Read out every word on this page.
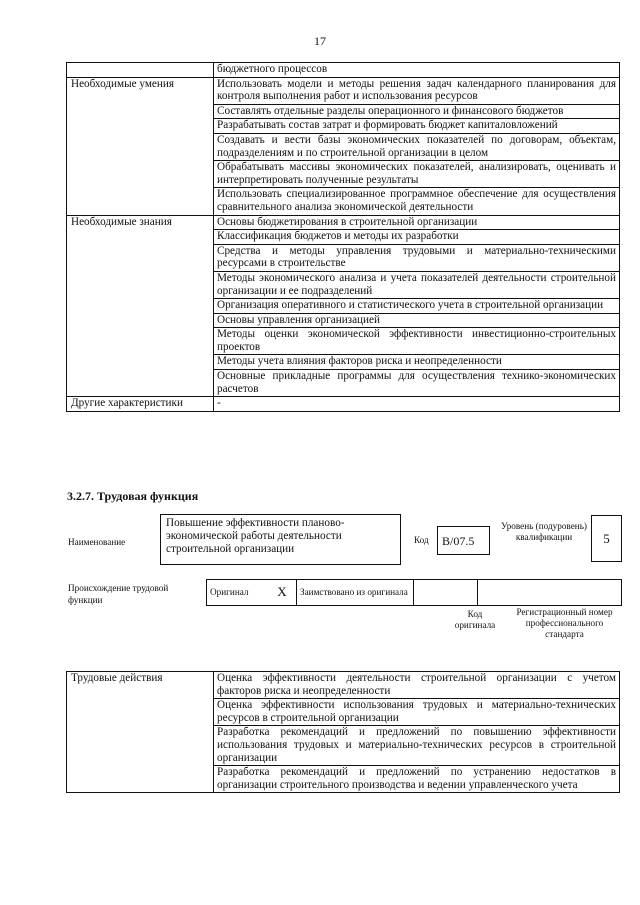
17
	бюджетного процессов
Необходимые умения	Использовать модели и методы решения задач календарного планирования для контроля выполнения работ и использования ресурсов
	Составлять отдельные разделы операционного и финансового бюджетов
	Разрабатывать состав затрат и формировать бюджет капиталовложений
	Создавать и вести базы экономических показателей по договорам, объектам, подразделениям и по строительной организации в целом
	Обрабатывать массивы экономических показателей, анализировать, оценивать и интерпретировать полученные результаты
	Использовать специализированное программное обеспечение для осуществления сравнительного анализа экономической деятельности
Необходимые знания	Основы бюджетирования в строительной организации
	Классификация бюджетов и методы их разработки
	Средства и методы управления трудовыми и материально-техническими ресурсами в строительстве
	Методы экономического анализа и учета показателей деятельности строительной организации и ее подразделений
	Организация оперативного и статистического учета в строительной организации
	Основы управления организацией
	Методы оценки экономической эффективности инвестиционно-строительных проектов
	Методы учета влияния факторов риска и неопределенности
	Основные прикладные программы для осуществления технико-экономических расчетов
Другие характеристики	-
3.2.7. Трудовая функция
Наименование
Повышение эффективности планово-экономической работы деятельности строительной организации
Код	B/07.5
Уровень (подуровень) квалификации	5
Происхождение трудовой функции
Оригинал	X	Заимствовано из оригинала		
Код оригинала
Регистрационный номер профессионального стандарта
Трудовые действия	Оценка эффективности деятельности строительной организации с учетом факторов риска и неопределенности
Оценка эффективности использования трудовых и материально-технических ресурсов в строительной организации
Разработка рекомендаций и предложений по повышению эффективности использования трудовых и материально-технических ресурсов в строительной организации
Разработка рекомендаций и предложений по устранению недостатков в организации строительного производства и ведении управленческого учета
